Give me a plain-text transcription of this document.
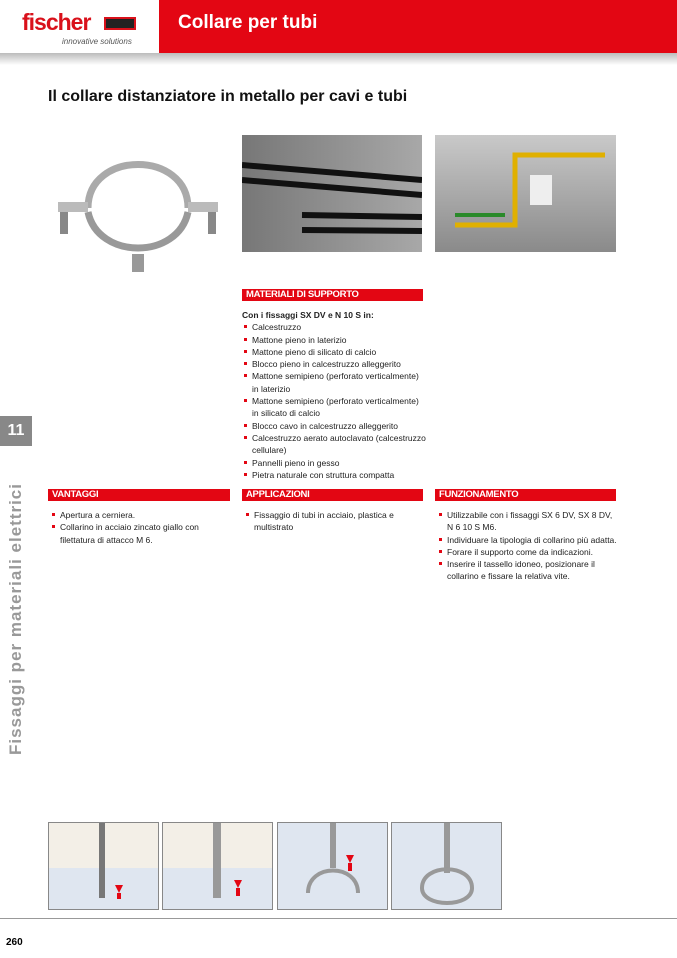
fischer
innovative solutions
Collare per tubi
Il collare distanziatore in metallo per cavi e tubi
MATERIALI DI SUPPORTO
Con i fissaggi SX DV e N 10 S in:
Calcestruzzo
Mattone pieno in laterizio
Mattone pieno di silicato di calcio
Blocco pieno in calcestruzzo alleggerito
Mattone semipieno (perforato verticalmente) in laterizio
Mattone semipieno (perforato verticalmente) in silicato di calcio
Blocco cavo in calcestruzzo alleggerito
Calcestruzzo aerato autoclavato (calcestruzzo cellulare)
Pannelli pieno in gesso
Pietra naturale con struttura compatta
11
Fissaggi per materiali elettrici	VANTAGGI
Apertura a cerniera.
Collarino in acciaio zincato giallo con filettatura di attacco M 6.
APPLICAZIONI
Fissaggio di tubi in acciaio, plastica e multistrato
FUNZIONAMENTO
Utilizzabile con i fissaggi SX 6 DV, SX 8 DV, N 6 10 S M6.
Individuare la tipologia di collarino più adatta.
Forare il supporto come da indicazioni.
Inserire il tassello idoneo, posizionare il collarino e fissare la relativa vite.
260
